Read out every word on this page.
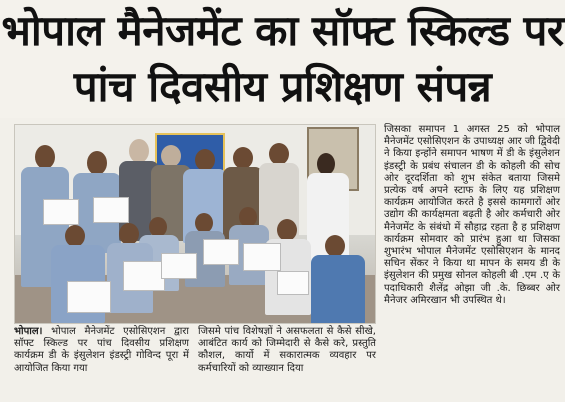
भोपाल मैनेजमेंट का सॉफ्ट स्किल्ड पर
पांच दिवसीय प्रशिक्षण संपन्न

भोपाल। भोपाल मैनेजमेंट एसोसिएशन द्वारा सॉफ्ट स्किल्ड पर पांच दिवसीय प्रशिक्षण कार्यक्रम डी के इंसुलेशन इंडस्ट्री गोविन्द पूरा में आयोजित किया गया

जिसमे पांच विशेषज्ञों ने असफलता से कैसे सीखे, आबंटित कार्य को जिम्मेदारी से कैसे करे, प्रस्तुति कौशल, कार्यो में सकारात्मक व्यवहार पर कर्मचारियों को व्याख्यान दिया

जिसका समापन 1 अगस्त 25 को भोपाल मैनेजमेंट एसोसिएशन के उपाध्यक्ष आर जी द्विवेदी ने किया इन्होंने समापन भाषण में डी के इंसुलेशन इंडस्ट्री के प्रबंध संचालन डी के कोहली की सोच ओर दूरदर्शिता को शुभ संकेत बताया जिसमे प्रत्येक वर्ष अपने स्टाफ के लिए यह प्रशिक्षण कार्यक्रम आयोजित करते है इससे कामगारों ओर उद्योग की कार्यक्षमता बढ़ती है ओर कर्मचारी ओर मैनेजमेंट के संबंधो में सौहाद्र रहता है ह प्रशिक्षण कार्यक्रम सोमवार को प्रारंभ हुआ था जिसका शुभारंभ भोपाल मैनेजमेंट एसोसिएशन के मानद सचिन सेंकर ने किया था मापन के समय डी के इंसुलेशन की प्रमुख सोनल कोहली बी .एम .ए के पदाधिकारी शैलेंद्र ओझा जी .के. छिब्बर ओर मैनेजर अमिरखान भी उपस्थित थे।
